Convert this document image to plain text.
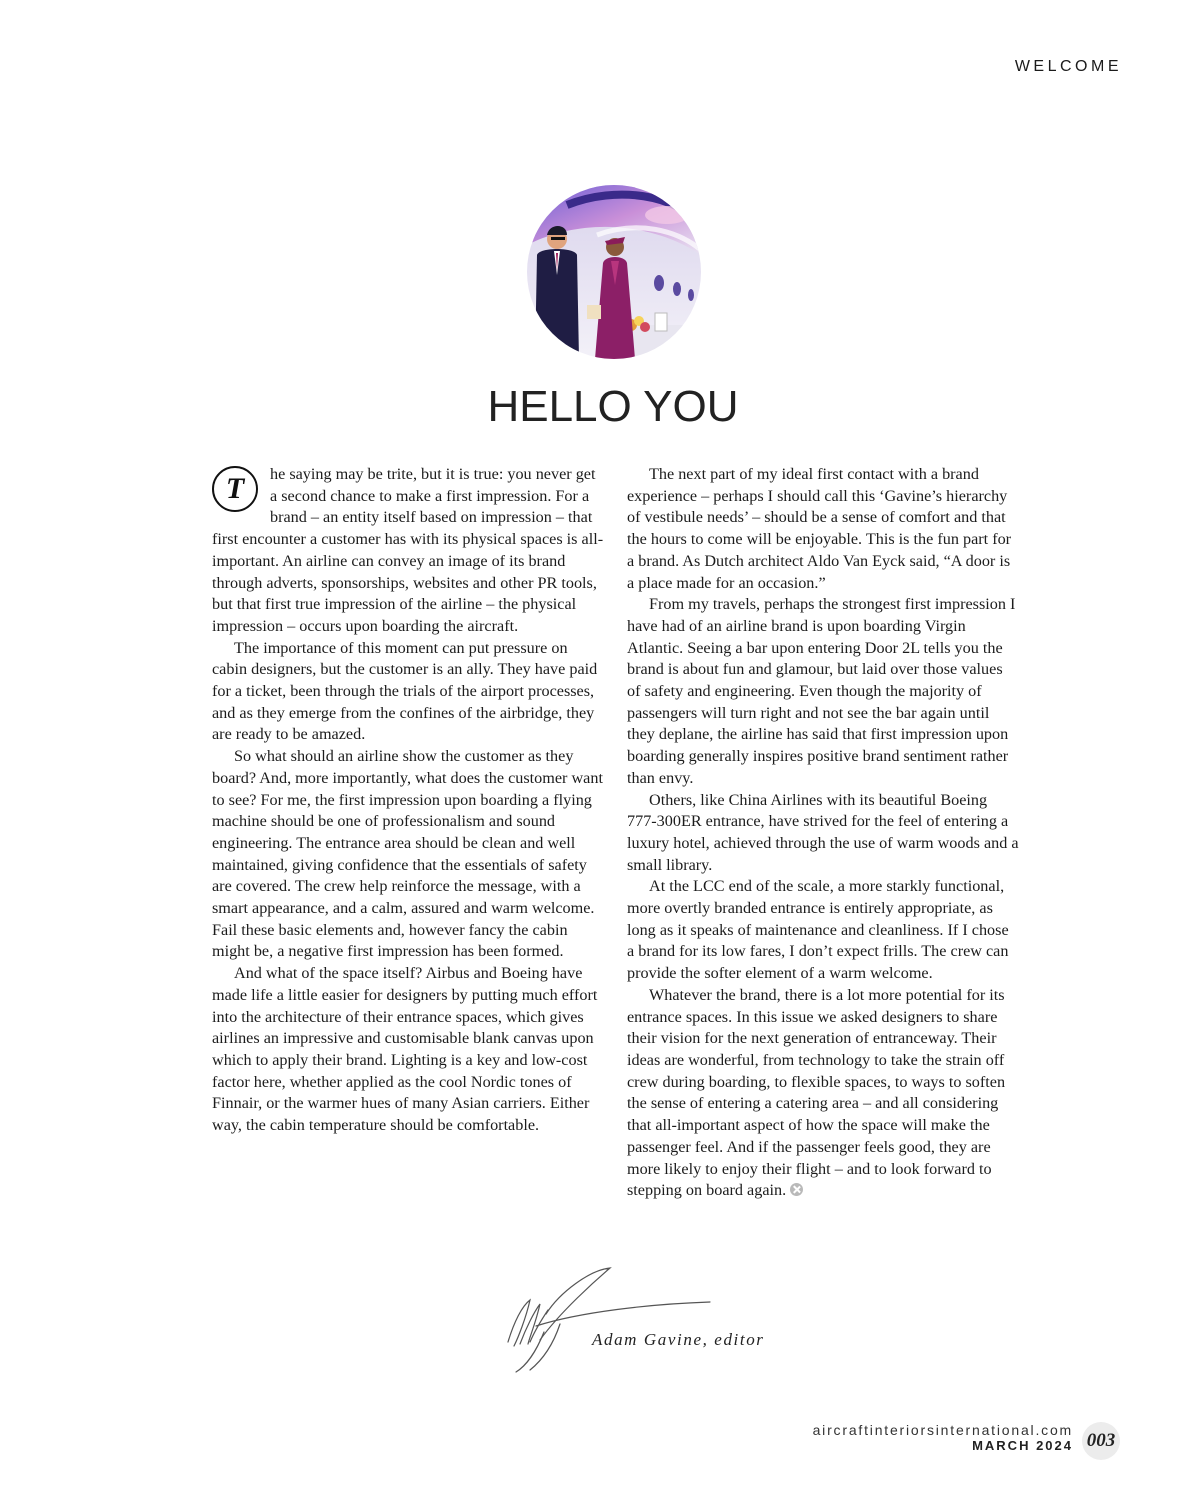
WELCOME
HELLO YOU

T	he saying may be trite, but it is true: you never get a second chance to make a first impression. For a brand – an entity itself based on impression – that first encounter a customer has with its physical spaces is all-important. An airline can convey an image of its brand through adverts, sponsorships, websites and other PR tools, but that first true impression of the airline – the physical impression – occurs upon boarding the aircraft.

The importance of this moment can put pressure on cabin designers, but the customer is an ally. They have paid for a ticket, been through the trials of the airport processes, and as they emerge from the confines of the airbridge, they are ready to be amazed.

So what should an airline show the customer as they board? And, more importantly, what does the customer want to see? For me, the first impression upon boarding a flying machine should be one of professionalism and sound engineering. The entrance area should be clean and well maintained, giving confidence that the essentials of safety are covered. The crew help reinforce the message, with a smart appearance, and a calm, assured and warm welcome. Fail these basic elements and, however fancy the cabin might be, a negative first impression has been formed.

And what of the space itself? Airbus and Boeing have made life a little easier for designers by putting much effort into the architecture of their entrance spaces, which gives airlines an impressive and customisable blank canvas upon which to apply their brand. Lighting is a key and low-cost factor here, whether applied as the cool Nordic tones of Finnair, or the warmer hues of many Asian carriers. Either way, the cabin temperature should be comfortable.

The next part of my ideal first contact with a brand experience – perhaps I should call this ‘Gavine’s hierarchy of vestibule needs’ – should be a sense of comfort and that the hours to come will be enjoyable. This is the fun part for a brand. As Dutch architect Aldo Van Eyck said, “A door is a place made for an occasion.”

From my travels, perhaps the strongest first impression I have had of an airline brand is upon boarding Virgin Atlantic. Seeing a bar upon entering Door 2L tells you the brand is about fun and glamour, but laid over those values of safety and engineering. Even though the majority of passengers will turn right and not see the bar again until they deplane, the airline has said that first impression upon boarding generally inspires positive brand sentiment rather than envy.

Others, like China Airlines with its beautiful Boeing 777-300ER entrance, have strived for the feel of entering a luxury hotel, achieved through the use of warm woods and a small library.

At the LCC end of the scale, a more starkly functional, more overtly branded entrance is entirely appropriate, as long as it speaks of maintenance and cleanliness. If I chose a brand for its low fares, I don’t expect frills. The crew can provide the softer element of a warm welcome.

Whatever the brand, there is a lot more potential for its entrance spaces. In this issue we asked designers to share their vision for the next generation of entranceway. Their ideas are wonderful, from technology to take the strain off crew during boarding, to flexible spaces, to ways to soften the sense of entering a catering area – and all considering that all-important aspect of how the space will make the passenger feel. And if the passenger feels good, they are more likely to enjoy their flight – and to look forward to stepping on board again.

Adam Gavine, editor
aircraftinteriorsinternational.com
MARCH 2024 003
